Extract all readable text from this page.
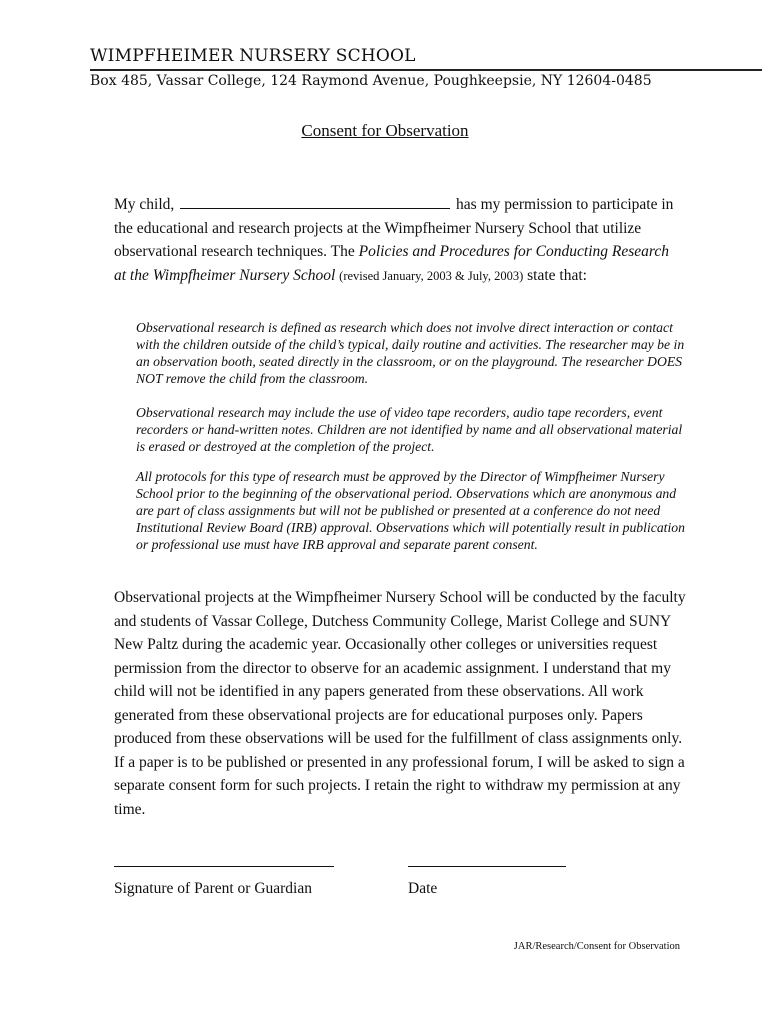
WIMPFHEIMER NURSERY SCHOOL
Box 485, Vassar College, 124 Raymond Avenue, Poughkeepsie, NY 12604-0485
Consent for Observation
My child,	has my permission to participate in the educational and research projects at the Wimpfheimer Nursery School that utilize observational research techniques. The Policies and Procedures for Conducting Research at the Wimpfheimer Nursery School (revised January, 2003 & July, 2003) state that:
Observational research is defined as research which does not involve direct interaction or contact with the children outside of the child’s typical, daily routine and activities. The researcher may be in an observation booth, seated directly in the classroom, or on the playground. The researcher DOES NOT remove the child from the classroom.
Observational research may include the use of video tape recorders, audio tape recorders, event recorders or hand-written notes. Children are not identified by name and all observational material is erased or destroyed at the completion of the project.
All protocols for this type of research must be approved by the Director of Wimpfheimer Nursery School prior to the beginning of the observational period. Observations which are anonymous and are part of class assignments but will not be published or presented at a conference do not need Institutional Review Board (IRB) approval. Observations which will potentially result in publication or professional use must have IRB approval and separate parent consent.
Observational projects at the Wimpfheimer Nursery School will be conducted by the faculty and students of Vassar College, Dutchess Community College, Marist College and SUNY New Paltz during the academic year. Occasionally other colleges or universities request permission from the director to observe for an academic assignment. I understand that my child will not be identified in any papers generated from these observations. All work generated from these observational projects are for educational purposes only. Papers produced from these observations will be used for the fulfillment of class assignments only. If a paper is to be published or presented in any professional forum, I will be asked to sign a separate consent form for such projects. I retain the right to withdraw my permission at any time.
Signature of Parent or Guardian	Date
JAR/Research/Consent for Observation
